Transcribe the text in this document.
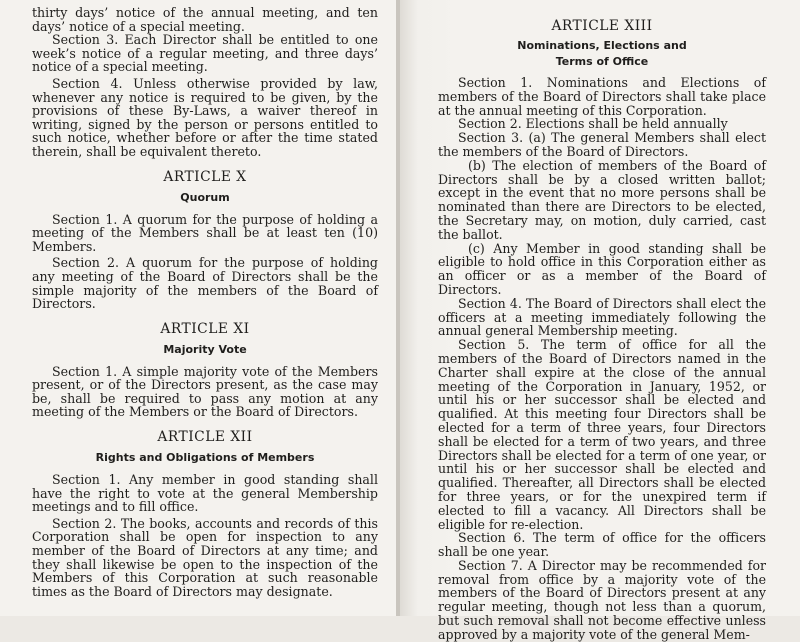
thirty days’ notice of the annual meeting, and ten days’ notice of a special meeting.

Section 3. Each Director shall be entitled to one week’s notice of a regular meeting, and three days’ notice of a special meeting.

Section 4. Unless otherwise provided by law, whenever any notice is required to be given, by the provisions of these By-Laws, a waiver thereof in writing, signed by the person or persons entitled to such notice, whether before or after the time stated therein, shall be equivalent thereto.

ARTICLE X
Quorum

Section 1. A quorum for the purpose of holding a meeting of the Members shall be at least ten (10) Members.

Section 2. A quorum for the purpose of holding any meeting of the Board of Directors shall be the simple majority of the members of the Board of Directors.

ARTICLE XI
Majority Vote

Section 1. A simple majority vote of the Members present, or of the Directors present, as the case may be, shall be required to pass any motion at any meeting of the Members or the Board of Directors.

ARTICLE XII
Rights and Obligations of Members

Section 1. Any member in good standing shall have the right to vote at the general Membership meetings and to fill office.

Section 2. The books, accounts and records of this Corporation shall be open for inspection to any member of the Board of Directors at any time; and they shall likewise be open to the inspection of the Members of this Corporation at such reasonable times as the Board of Directors may designate.

ARTICLE XIII
Nominations, Elections and
Terms of Office

Section 1. Nominations and Elections of members of the Board of Directors shall take place at the annual meeting of this Corporation.

Section 2. Elections shall be held annually

Section 3. (a) The general Members shall elect the members of the Board of Directors.

(b) The election of members of the Board of Directors shall be by a closed written ballot; except in the event that no more persons shall be nominated than there are Directors to be elected, the Secretary may, on motion, duly carried, cast the ballot.

(c) Any Member in good standing shall be eligible to hold office in this Corporation either as an officer or as a member of the Board of Directors.

Section 4. The Board of Directors shall elect the officers at a meeting immediately following the annual general Membership meeting.

Section 5. The term of office for all the members of the Board of Directors named in the Charter shall expire at the close of the annual meeting of the Corporation in January, 1952, or until his or her successor shall be elected and qualified. At this meeting four Directors shall be elected for a term of three years, four Directors shall be elected for a term of two years, and three Directors shall be elected for a term of one year, or until his or her successor shall be elected and qualified. Thereafter, all Directors shall be elected for three years, or for the unexpired term if elected to fill a vacancy. All Directors shall be eligible for re-election.

Section 6. The term of office for the officers shall be one year.

Section 7. A Director may be recommended for removal from office by a majority vote of the members of the Board of Directors present at any regular meeting, though not less than a quorum, but such removal shall not become effective unless approved by a majority vote of the general Mem-
